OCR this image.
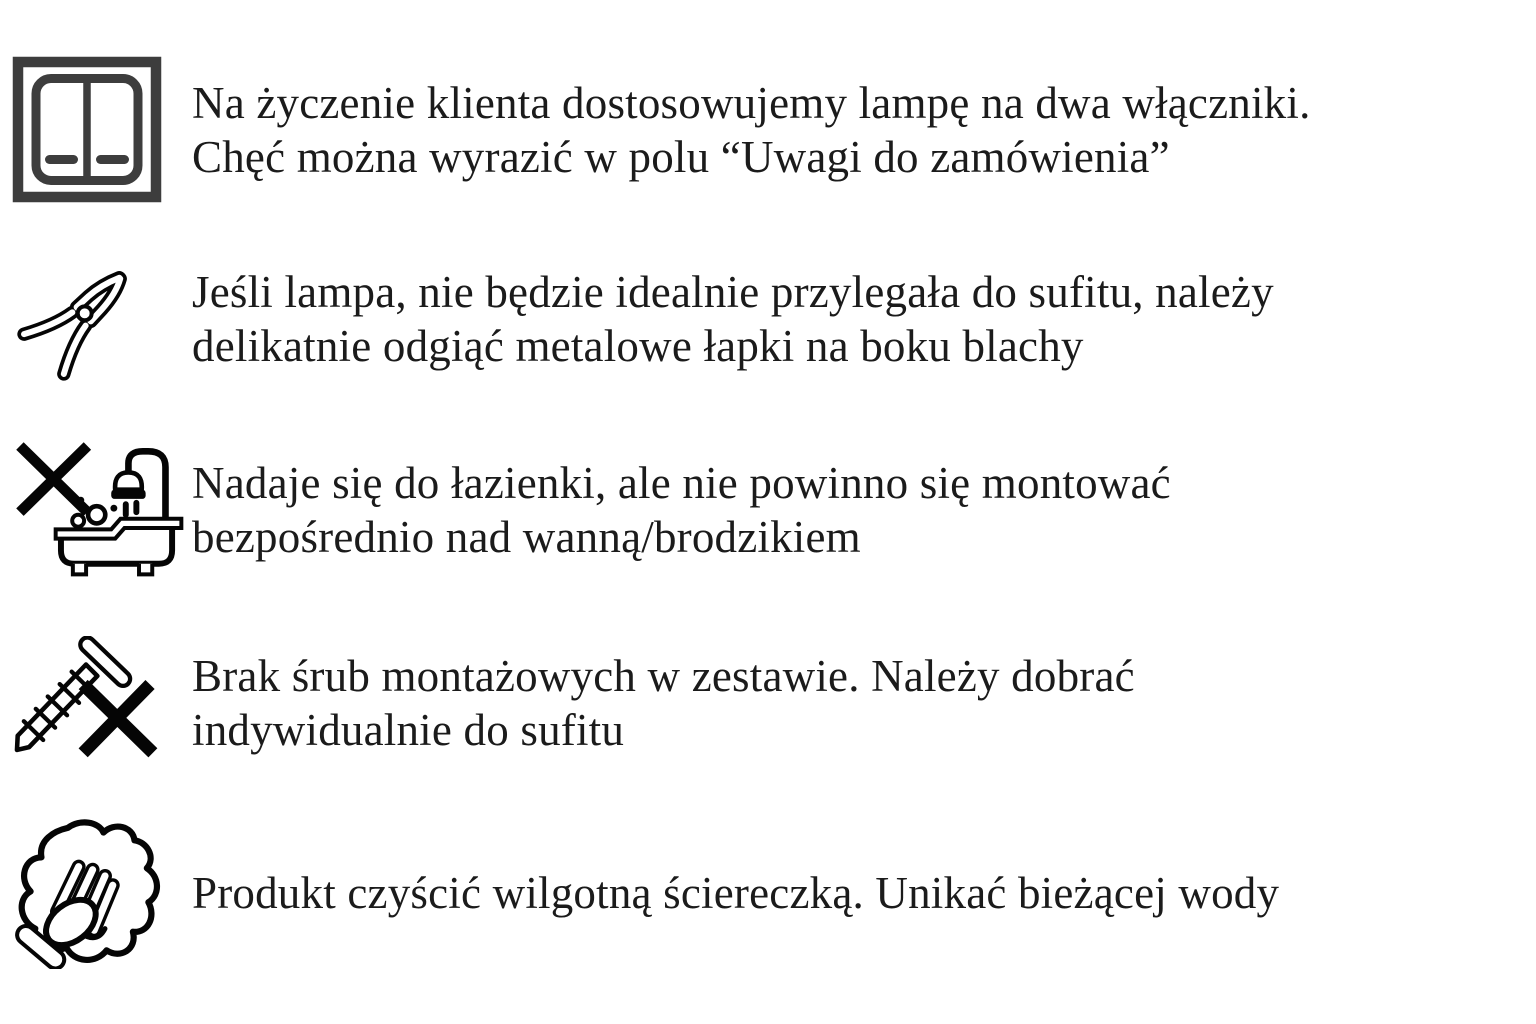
Na życzenie klienta dostosowujemy lampę na dwa włączniki.
Chęć można wyrazić w polu “Uwagi do zamówienia”
Jeśli lampa, nie będzie idealnie przylegała do sufitu, należy
delikatnie odgiąć metalowe łapki na boku blachy
Nadaje się do łazienki, ale nie powinno się montować
bezpośrednio nad wanną/brodzikiem
Brak śrub montażowych w zestawie. Należy dobrać
indywidualnie do sufitu
Produkt czyścić wilgotną ściereczką. Unikać bieżącej wody
